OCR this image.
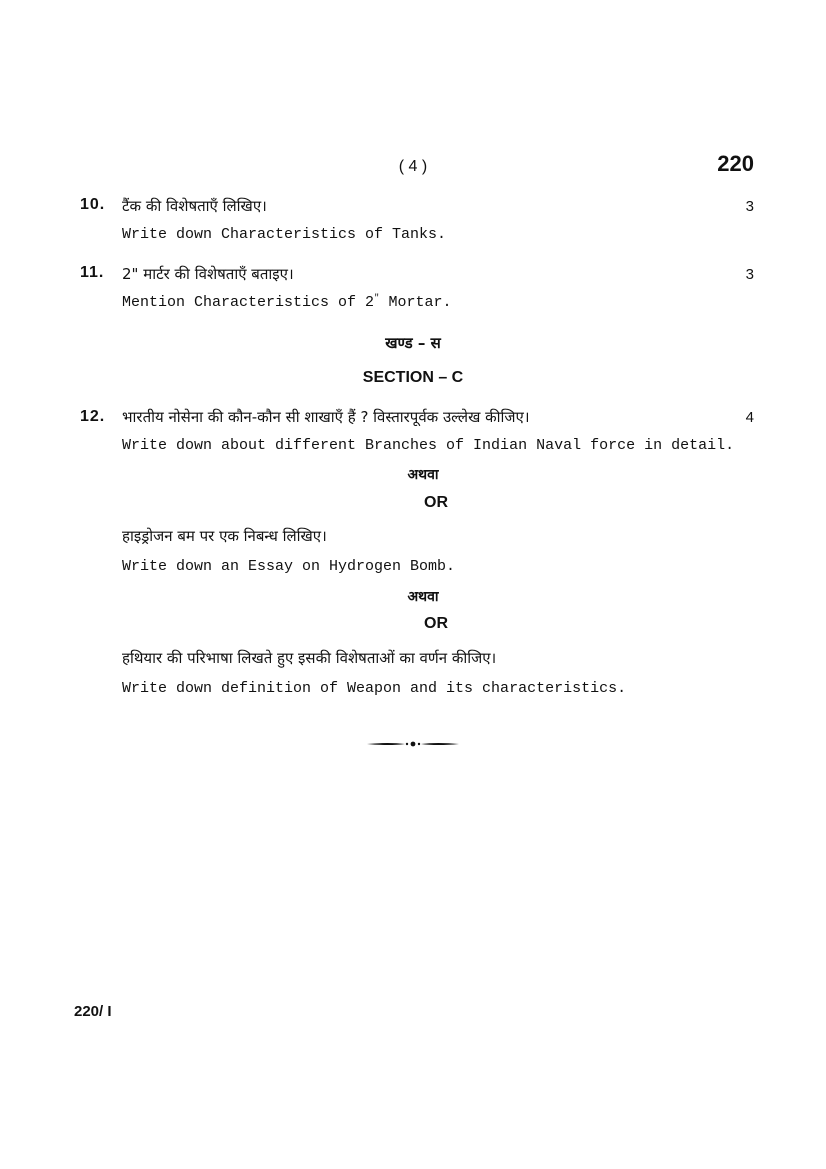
( 4 )	220
10. टैंक की विशेषताएँ लिखिए।	3
Write down Characteristics of Tanks.
11. 2" मार्टर की विशेषताएँ बताइए।	3
Mention Characteristics of 2" Mortar.
खण्ड – स
SECTION – C
12. भारतीय नोसेना की कौन-कौन सी शाखाएँ हैं ? विस्तारपूर्वक उल्लेख कीजिए।	4
Write down about different Branches of Indian Naval force in detail.
अथवा
OR
हाइड्रोजन बम पर एक निबन्ध लिखिए।
Write down an Essay on Hydrogen Bomb.
अथवा
OR
हथियार की परिभाषा लिखते हुए इसकी विशेषताओं का वर्णन कीजिए।
Write down definition of Weapon and its characteristics.
220/ I
